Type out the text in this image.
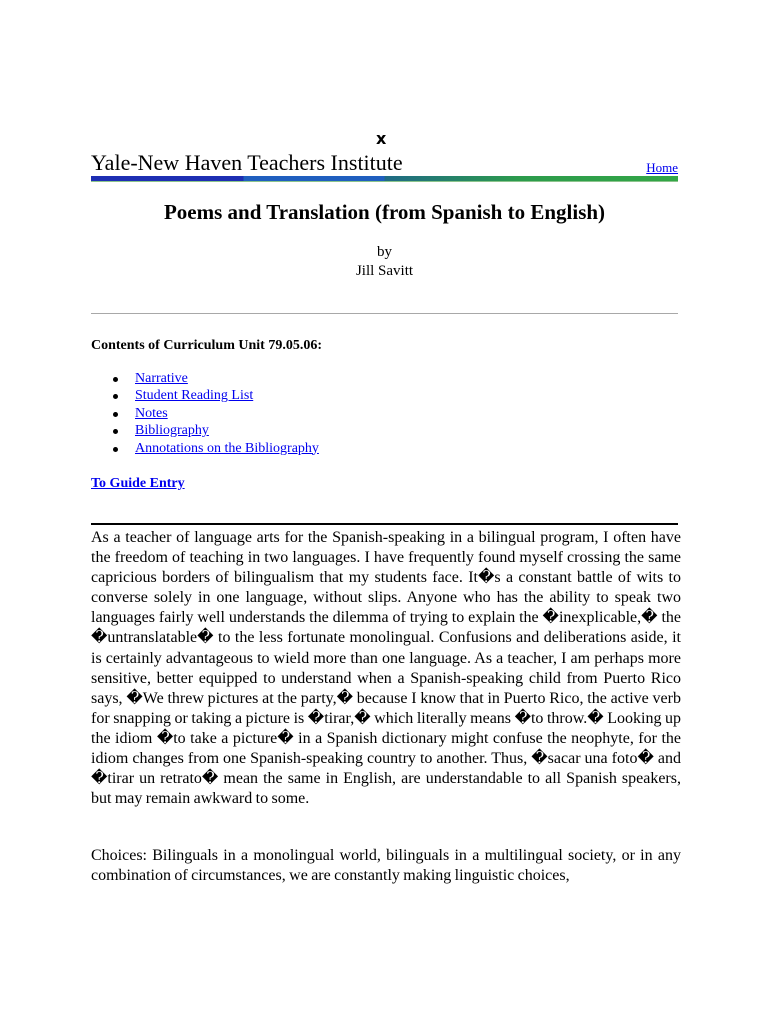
x
Yale-New Haven Teachers Institute	Home
Poems and Translation (from Spanish to English)
by
Jill Savitt
Contents of Curriculum Unit 79.05.06:
Narrative
Student Reading List
Notes
Bibliography
Annotations on the Bibliography
To Guide Entry

As a teacher of language arts for the Spanish-speaking in a bilingual program, I often have the freedom of teaching in two languages. I have frequently found myself crossing the same capricious borders of bilingualism that my students face. It�s a constant battle of wits to converse solely in one language, without slips. Anyone who has the ability to speak two languages fairly well understands the dilemma of trying to explain the �inexplicable,� the �untranslatable� to the less fortunate monolingual. Confusions and deliberations aside, it is certainly advantageous to wield more than one language. As a teacher, I am perhaps more sensitive, better equipped to understand when a Spanish-speaking child from Puerto Rico says, �We threw pictures at the party,� because I know that in Puerto Rico, the active verb for snapping or taking a picture is �tirar,� which literally means �to throw.� Looking up the idiom �to take a picture� in a Spanish dictionary might confuse the neophyte, for the idiom changes from one Spanish-speaking country to another. Thus, �sacar una foto� and �tirar un retrato� mean the same in English, are understandable to all Spanish speakers, but may remain awkward to some.

Choices: Bilinguals in a monolingual world, bilinguals in a multilingual society, or in any combination of circumstances, we are constantly making linguistic choices,
